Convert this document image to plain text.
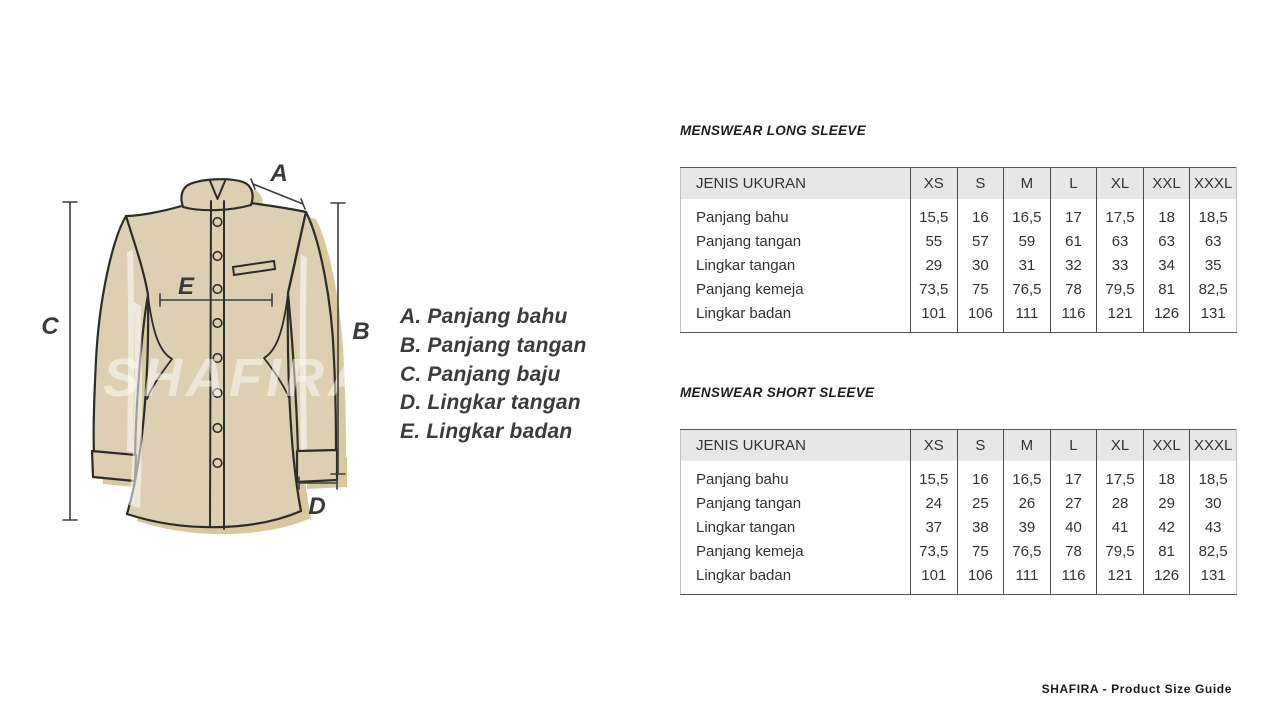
SHAFIRA
A
B
C
D
E
A. Panjang bahu
B. Panjang tangan
C. Panjang baju
D. Lingkar tangan
E. Lingkar badan
MENSWEAR LONG SLEEVE
JENIS UKURAN	XS	S	M	L	XL	XXL	XXXL
Panjang bahu	15,5	16	16,5	17	17,5	18	18,5
Panjang tangan	55	57	59	61	63	63	63
Lingkar tangan	29	30	31	32	33	34	35
Panjang kemeja	73,5	75	76,5	78	79,5	81	82,5
Lingkar badan	101	106	111	116	121	126	131
MENSWEAR SHORT SLEEVE
JENIS UKURAN	XS	S	M	L	XL	XXL	XXXL
Panjang bahu	15,5	16	16,5	17	17,5	18	18,5
Panjang tangan	24	25	26	27	28	29	30
Lingkar tangan	37	38	39	40	41	42	43
Panjang kemeja	73,5	75	76,5	78	79,5	81	82,5
Lingkar badan	101	106	111	116	121	126	131
SHAFIRA - Product Size Guide
